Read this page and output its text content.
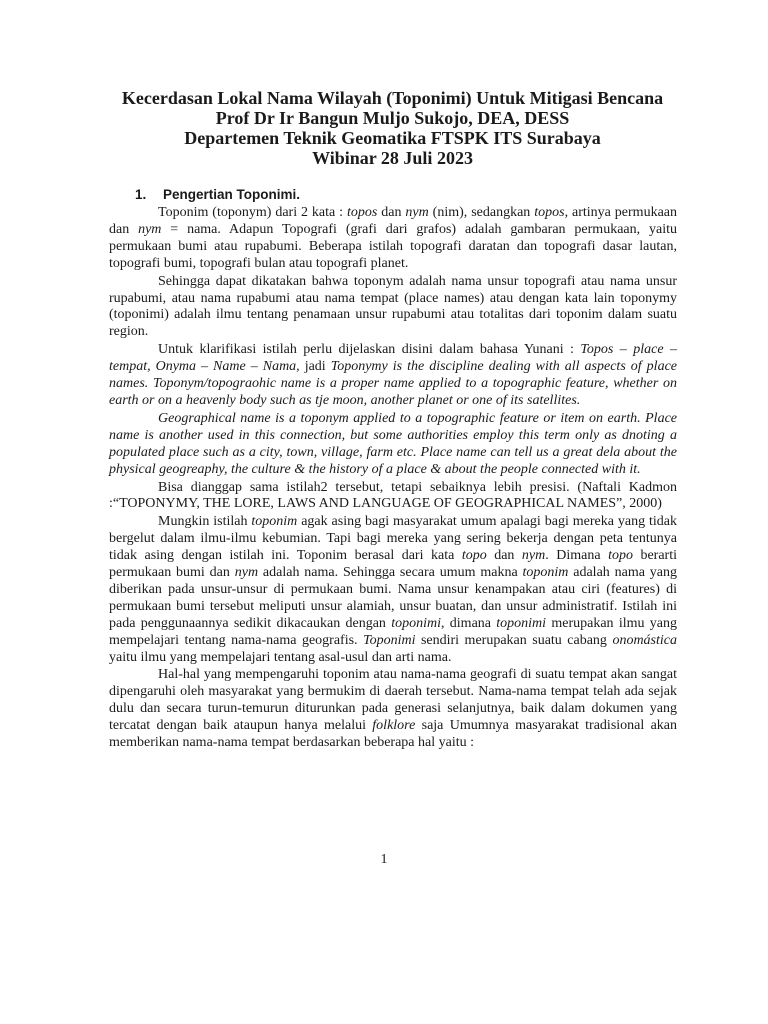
Kecerdasan Lokal Nama Wilayah (Toponimi) Untuk Mitigasi Bencana
Prof Dr Ir Bangun Muljo Sukojo, DEA, DESS
Departemen Teknik Geomatika FTSPK ITS Surabaya
Wibinar 28 Juli 2023
1. Pengertian Toponimi.

Toponim (toponym) dari 2 kata : topos dan nym (nim), sedangkan topos, artinya permukaan dan nym = nama. Adapun Topografi (grafi dari grafos) adalah gambaran permukaan, yaitu permukaan bumi atau rupabumi. Beberapa istilah topografi daratan dan topografi dasar lautan, topografi bumi, topografi bulan atau topografi planet.

Sehingga dapat dikatakan bahwa toponym adalah nama unsur topografi atau nama unsur rupabumi, atau nama rupabumi atau nama tempat (place names) atau dengan kata lain toponymy (toponimi) adalah ilmu tentang penamaan unsur rupabumi atau totalitas dari toponim dalam suatu region.

Untuk klarifikasi istilah perlu dijelaskan disini dalam bahasa Yunani : Topos – place – tempat, Onyma – Name – Nama, jadi Toponymy is the discipline dealing with all aspects of place names. Toponym/topograohic name is a proper name applied to a topographic feature, whether on earth or on a heavenly body such as tje moon, another planet or one of its satellites.

Geographical name is a toponym applied to a topographic feature or item on earth. Place name is another used in this connection, but some authorities employ this term only as dnoting a populated place such as a city, town, village, farm etc. Place name can tell us a great dela about the physical geogreaphy, the culture & the history of a place & about the people connected with it.

Bisa dianggap sama istilah2 tersebut, tetapi sebaiknya lebih presisi. (Naftali Kadmon :“TOPONYMY, THE LORE, LAWS AND LANGUAGE OF GEOGRAPHICAL NAMES”, 2000)

Mungkin istilah toponim agak asing bagi masyarakat umum apalagi bagi mereka yang tidak bergelut dalam ilmu-ilmu kebumian. Tapi bagi mereka yang sering bekerja dengan peta tentunya tidak asing dengan istilah ini. Toponim berasal dari kata topo dan nym. Dimana topo berarti permukaan bumi dan nym adalah nama. Sehingga secara umum makna toponim adalah nama yang diberikan pada unsur-unsur di permukaan bumi. Nama unsur kenampakan atau ciri (features) di permukaan bumi tersebut meliputi unsur alamiah, unsur buatan, dan unsur administratif. Istilah ini pada penggunaannya sedikit dikacaukan dengan toponimi, dimana toponimi merupakan ilmu yang mempelajari tentang nama-nama geografis. Toponimi sendiri merupakan suatu cabang onomástica yaitu ilmu yang mempelajari tentang asal-usul dan arti nama.

Hal-hal yang mempengaruhi toponim atau nama-nama geografi di suatu tempat akan sangat dipengaruhi oleh masyarakat yang bermukim di daerah tersebut. Nama-nama tempat telah ada sejak dulu dan secara turun-temurun diturunkan pada generasi selanjutnya, baik dalam dokumen yang tercatat dengan baik ataupun hanya melalui folklore saja Umumnya masyarakat tradisional akan memberikan nama-nama tempat berdasarkan beberapa hal yaitu :

1
